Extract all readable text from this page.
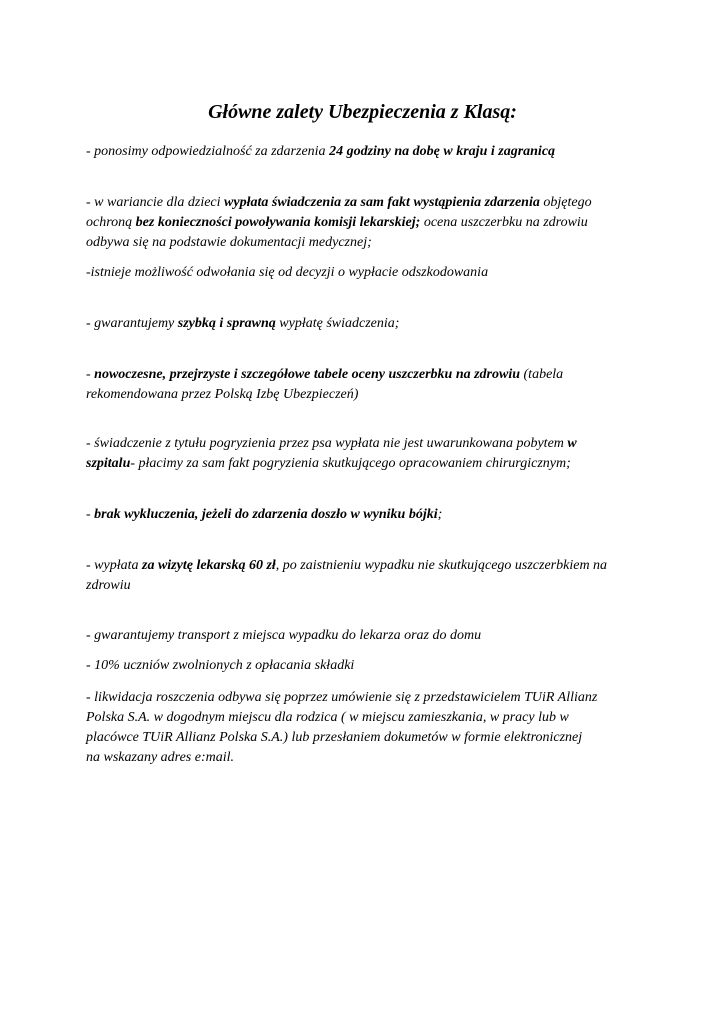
Główne zalety Ubezpieczenia z Klasą:

- ponosimy odpowiedzialność za zdarzenia 24 godziny na dobę w kraju i zagranicą

- w wariancie dla dzieci wypłata świadczenia za sam fakt wystąpienia zdarzenia objętego
ochroną bez konieczności powoływania komisji lekarskiej; ocena uszczerbku na zdrowiu
odbywa się na podstawie dokumentacji medycznej;

-istnieje możliwość odwołania się od decyzji o wypłacie odszkodowania

- gwarantujemy szybką i sprawną wypłatę świadczenia;

- nowoczesne, przejrzyste i szczegółowe tabele oceny uszczerbku na zdrowiu (tabela
rekomendowana przez Polską Izbę Ubezpieczeń)

- świadczenie z tytułu pogryzienia przez psa wypłata nie jest uwarunkowana pobytem w
szpitalu- płacimy za sam fakt pogryzienia skutkującego opracowaniem chirurgicznym;

- brak wykluczenia, jeżeli do zdarzenia doszło w wyniku bójki;

- wypłata za wizytę lekarską 60 zł, po zaistnieniu wypadku nie skutkującego uszczerbkiem na
zdrowiu

- gwarantujemy transport z miejsca wypadku do lekarza oraz do domu

- 10% uczniów zwolnionych z opłacania składki

- likwidacja roszczenia odbywa się poprzez umówienie się z przedstawicielem TUiR Allianz
Polska S.A. w dogodnym miejscu dla rodzica ( w miejscu zamieszkania, w pracy lub w
placówce TUiR Allianz Polska S.A.) lub przesłaniem dokumetów w formie elektronicznej
na wskazany adres e:mail.
